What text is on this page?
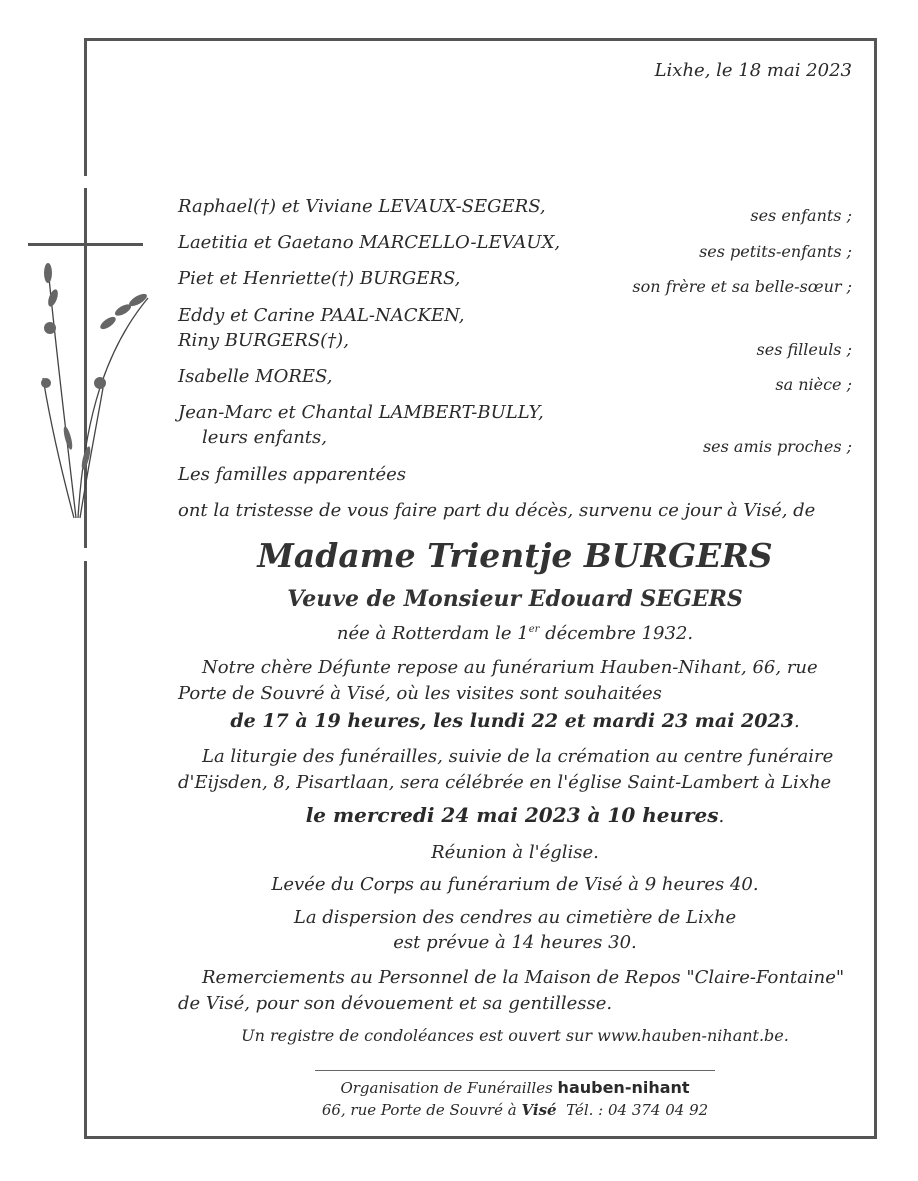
Lixhe, le 18 mai 2023
Raphael(†) et Viviane LEVAUX-SEGERS,	ses enfants ;
Laetitia et Gaetano MARCELLO-LEVAUX,	ses petits-enfants ;
Piet et Henriette(†) BURGERS,	son frère et sa belle-sœur ;
Eddy et Carine PAAL-NACKEN,
Riny BURGERS(†),	ses filleuls ;
Isabelle MORES,	sa nièce ;
Jean-Marc et Chantal LAMBERT-BULLY,
leurs enfants,	ses amis proches ;
Les familles apparentées
ont la tristesse de vous faire part du décès, survenu ce jour à Visé, de
Madame Trientje BURGERS
Veuve de Monsieur Edouard SEGERS
née à Rotterdam le 1er décembre 1932.
Notre chère Défunte repose au funérarium Hauben-Nihant, 66, rue
Porte de Souvré à Visé, où les visites sont souhaitées
de 17 à 19 heures, les lundi 22 et mardi 23 mai 2023.
La liturgie des funérailles, suivie de la crémation au centre funéraire
d'Eijsden, 8, Pisartlaan, sera célébrée en l'église Saint-Lambert à Lixhe
le mercredi 24 mai 2023 à 10 heures.
Réunion à l'église.
Levée du Corps au funérarium de Visé à 9 heures 40.
La dispersion des cendres au cimetière de Lixhe
est prévue à 14 heures 30.
Remerciements au Personnel de la Maison de Repos "Claire-Fontaine"
de Visé, pour son dévouement et sa gentillesse.
Un registre de condoléances est ouvert sur www.hauben-nihant.be.
Organisation de Funérailles hauben-nihant
66, rue Porte de Souvré à Visé  Tél. : 04 374 04 92
